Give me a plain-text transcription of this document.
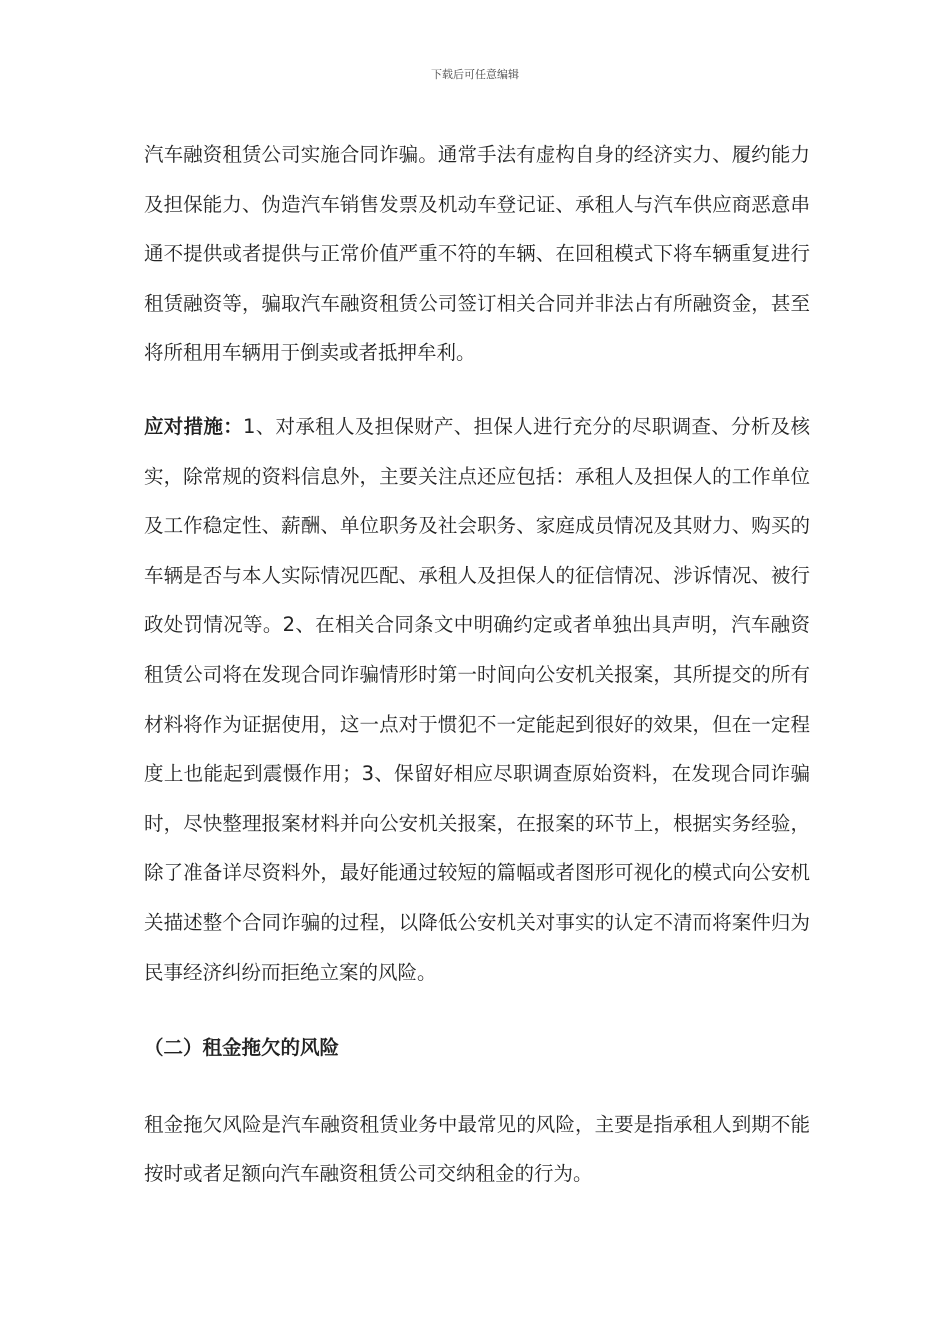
下载后可任意编辑

汽车融资租赁公司实施合同诈骗。通常手法有虚构自身的经济实力、履约能力及担保能力、伪造汽车销售发票及机动车登记证、承租人与汽车供应商恶意串通不提供或者提供与正常价值严重不符的车辆、在回租模式下将车辆重复进行租赁融资等，骗取汽车融资租赁公司签订相关合同并非法占有所融资金，甚至将所租用车辆用于倒卖或者抵押牟利。

应对措施：1、对承租人及担保财产、担保人进行充分的尽职调查、分析及核实，除常规的资料信息外，主要关注点还应包括：承租人及担保人的工作单位及工作稳定性、薪酬、单位职务及社会职务、家庭成员情况及其财力、购买的车辆是否与本人实际情况匹配、承租人及担保人的征信情况、涉诉情况、被行政处罚情况等。2、在相关合同条文中明确约定或者单独出具声明，汽车融资租赁公司将在发现合同诈骗情形时第一时间向公安机关报案，其所提交的所有材料将作为证据使用，这一点对于惯犯不一定能起到很好的效果，但在一定程度上也能起到震慑作用；3、保留好相应尽职调查原始资料，在发现合同诈骗时，尽快整理报案材料并向公安机关报案，在报案的环节上，根据实务经验，除了准备详尽资料外，最好能通过较短的篇幅或者图形可视化的模式向公安机关描述整个合同诈骗的过程，以降低公安机关对事实的认定不清而将案件归为民事经济纠纷而拒绝立案的风险。

（二）租金拖欠的风险

租金拖欠风险是汽车融资租赁业务中最常见的风险，主要是指承租人到期不能按时或者足额向汽车融资租赁公司交纳租金的行为。
